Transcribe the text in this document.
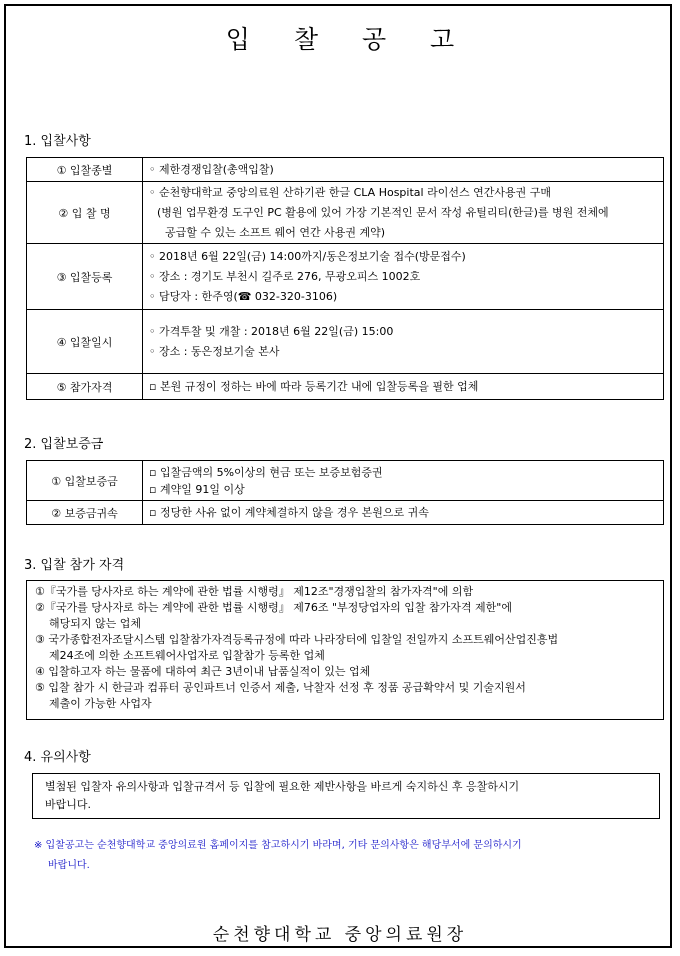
입 찰 공 고
1. 입찰사항
① 입찰종별	◦ 제한경쟁입찰(총액입찰)

② 입 찰 명	◦ 순천향대학교 중앙의료원 산하기관 한글 CLA Hospital 라이선스 연간사용권 구매
(병원 업무환경 도구인 PC 활용에 있어 가장 기본적인 문서 작성 유틸리티(한글)를 병원 전체에
공급할 수 있는 소프트 웨어 연간 사용권 계약)

③ 입찰등록	◦ 2018년 6월 22일(금) 14:00까지/동은정보기술 접수(방문접수)
◦ 장소 : 경기도 부천시 길주로 276, 무광오피스 1002호
◦ 담당자 : 한주영(☎ 032-320-3106)

④ 입찰일시	◦ 가격투찰 및 개찰 : 2018년 6월 22일(금) 15:00
◦ 장소 : 동은정보기술 본사

⑤ 참가자격	▫ 본원 규정이 정하는 바에 따라 등록기간 내에 입찰등록을 필한 업체
2. 입찰보증금
① 입찰보증금	▫ 입찰금액의 5%이상의 현금 또는 보증보험증권
▫ 계약일 91일 이상

② 보증금귀속	▫ 정당한 사유 없이 계약체결하지 않을 경우 본원으로 귀속
3. 입찰 참가 자격
①『국가를 당사자로 하는 계약에 관한 법률 시행령』 제12조"경쟁입찰의 참가자격"에 의함
②『국가를 당사자로 하는 계약에 관한 법률 시행령』 제76조 "부정당업자의 입찰 참가자격 제한"에
해당되지 않는 업체
③ 국가종합전자조달시스템 입찰참가자격등록규정에 따라 나라장터에 입찰일 전일까지 소프트웨어산업진흥법
제24조에 의한 소프트웨어사업자로 입찰참가 등록한 업체
④ 입찰하고자 하는 물품에 대하여 최근 3년이내 납품실적이 있는 업체
⑤ 입찰 참가 시 한글과 컴퓨터 공인파트너 인증서 제출, 낙찰자 선정 후 정품 공급확약서 및 기술지원서
제출이 가능한 사업자
4. 유의사항
별첨된 입찰자 유의사항과 입찰규격서 등 입찰에 필요한 제반사항을 바르게 숙지하신 후 응찰하시기
바랍니다.
※ 입찰공고는 순천향대학교 중앙의료원 홈페이지를 참고하시기 바라며, 기타 문의사항은 해당부서에 문의하시기
바랍니다.
순천향대학교 중앙의료원장
